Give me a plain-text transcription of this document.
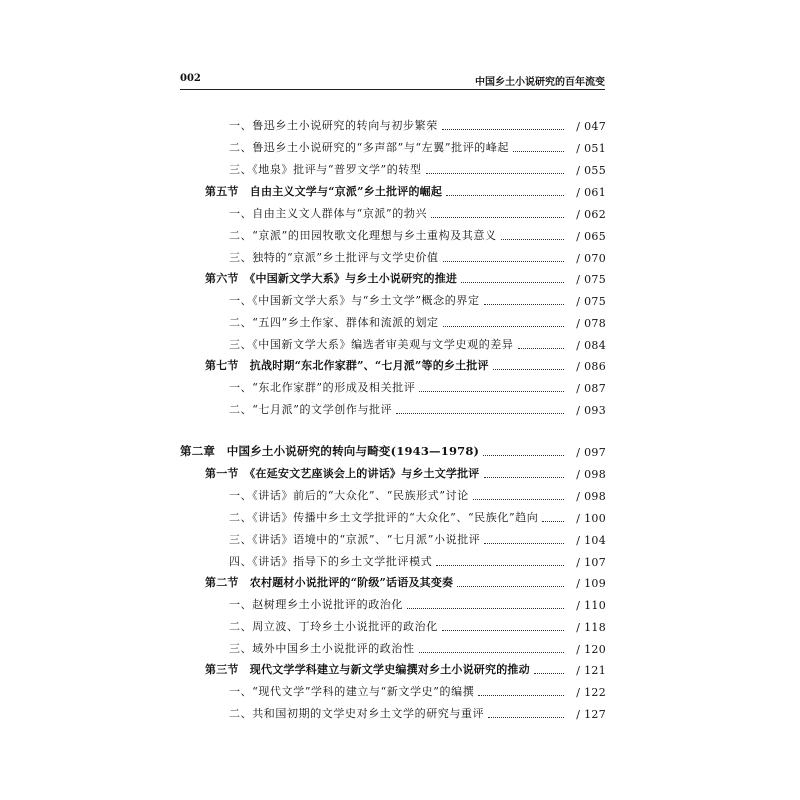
002	中国乡土小说研究的百年流变
一、鲁迅乡土小说研究的转向与初步繁荣	/ 047
二、鲁迅乡土小说研究的“多声部”与“左翼”批评的峰起	/ 051
三、《地泉》批评与“普罗文学”的转型	/ 055
第五节　自由主义文学与“京派”乡土批评的崛起	/ 061
一、自由主义文人群体与“京派”的勃兴	/ 062
二、“京派”的田园牧歌文化理想与乡土重构及其意义	/ 065
三、独特的“京派”乡土批评与文学史价值	/ 070
第六节　《中国新文学大系》与乡土小说研究的推进	/ 075
一、《中国新文学大系》与“乡土文学”概念的界定	/ 075
二、“五四”乡土作家、群体和流派的划定	/ 078
三、《中国新文学大系》编选者审美观与文学史观的差异	/ 084
第七节　抗战时期“东北作家群”、“七月派”等的乡土批评	/ 086
一、“东北作家群”的形成及相关批评	/ 087
二、“七月派”的文学创作与批评	/ 093
第二章　中国乡土小说研究的转向与畸变(1943—1978)	/ 097
第一节　《在延安文艺座谈会上的讲话》与乡土文学批评	/ 098
一、《讲话》前后的“大众化”、“民族形式”讨论	/ 098
二、《讲话》传播中乡土文学批评的“大众化”、“民族化”趋向	/ 100
三、《讲话》语境中的“京派”、“七月派”小说批评	/ 104
四、《讲话》指导下的乡土文学批评模式	/ 107
第二节　农村题材小说批评的“阶级”话语及其变奏	/ 109
一、赵树理乡土小说批评的政治化	/ 110
二、周立波、丁玲乡土小说批评的政治化	/ 118
三、域外中国乡土小说批评的政治性	/ 120
第三节　现代文学学科建立与新文学史编撰对乡土小说研究的推动	/ 121
一、“现代文学”学科的建立与“新文学史”的编撰	/ 122
二、共和国初期的文学史对乡土文学的研究与重评	/ 127
